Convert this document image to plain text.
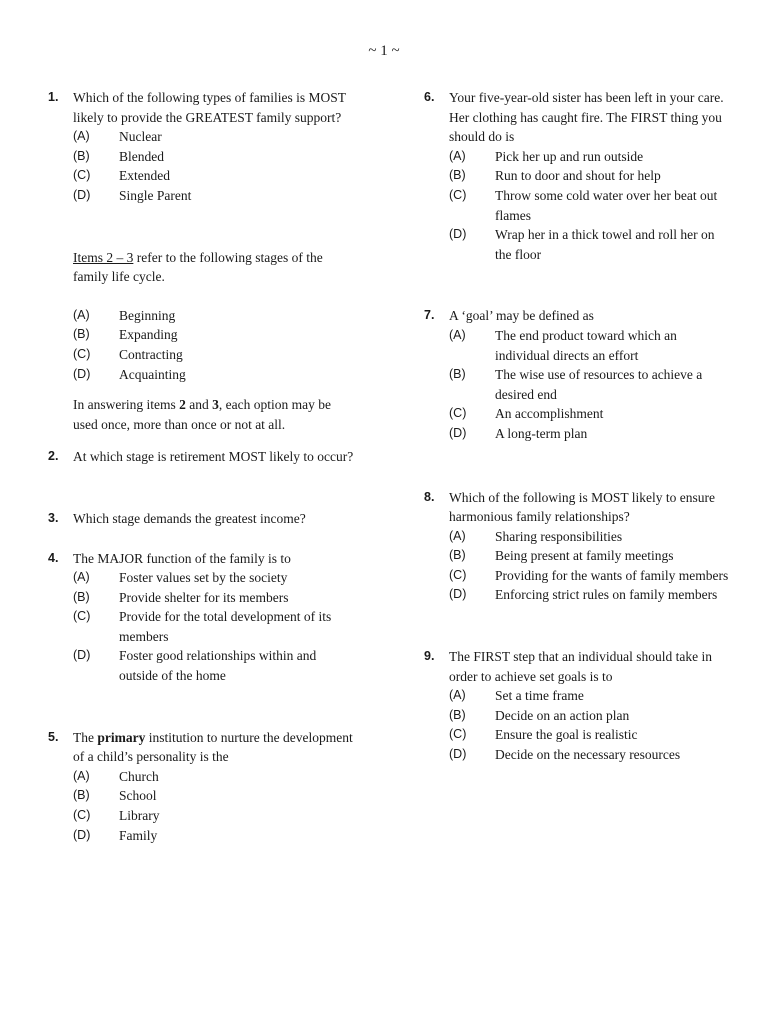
~ 1 ~
1. Which of the following types of families is MOST likely to provide the GREATEST family support?
(A)	Nuclear
(B)	Blended
(C)	Extended
(D)	Single Parent
Items 2 – 3 refer to the following stages of the family life cycle.
(A)	Beginning
(B)	Expanding
(C)	Contracting
(D)	Acquainting
In answering items 2 and 3, each option may be used once, more than once or not at all.
2. At which stage is retirement MOST likely to occur?
3. Which stage demands the greatest income?
4. The MAJOR function of the family is to
(A)	Foster values set by the society
(B)	Provide shelter for its members
(C)	Provide for the total development of its members
(D)	Foster good relationships within and outside of the home
5. The primary institution to nurture the development of a child’s personality is the
(A)	Church
(B)	School
(C)	Library
(D)	Family
6. Your five-year-old sister has been left in your care. Her clothing has caught fire. The FIRST thing you should do is
(A)	Pick her up and run outside
(B)	Run to door and shout for help
(C)	Throw some cold water over her beat out flames
(D)	Wrap her in a thick towel and roll her on the floor
7. A ‘goal’ may be defined as
(A)	The end product toward which an individual directs an effort
(B)	The wise use of resources to achieve a desired end
(C)	An accomplishment
(D)	A long-term plan
8. Which of the following is MOST likely to ensure harmonious family relationships?
(A)	Sharing responsibilities
(B)	Being present at family meetings
(C)	Providing for the wants of family members
(D)	Enforcing strict rules on family members
9. The FIRST step that an individual should take in order to achieve set goals is to
(A)	Set a time frame
(B)	Decide on an action plan
(C)	Ensure the goal is realistic
(D)	Decide on the necessary resources
